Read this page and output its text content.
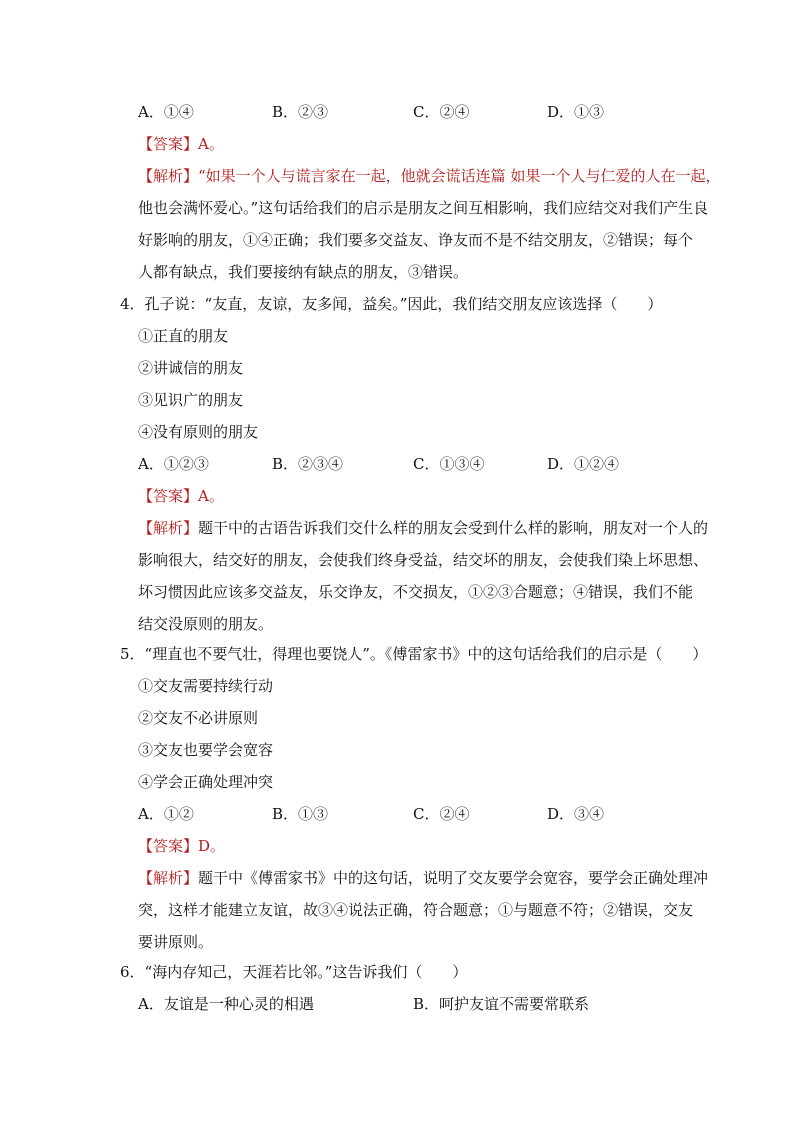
A．①④	B．②③	C．②④	D．①③
【答案】A。
【解析】“如果一个人与谎言家在一起，他就会谎话连篇 如果一个人与仁爱的人在一起，
他也会满怀爱心。”这句话给我们的启示是朋友之间互相影响，我们应结交对我们产生良
好影响的朋友，①④正确；我们要多交益友、诤友而不是不结交朋友，②错误；每个
人都有缺点，我们要接纳有缺点的朋友，③错误。
4．孔子说：“友直，友谅，友多闻，益矣。”因此，我们结交朋友应该选择（　　）
①正直的朋友
②讲诚信的朋友
③见识广的朋友
④没有原则的朋友
A．①②③	B．②③④	C．①③④	D．①②④
【答案】A。
【解析】题干中的古语告诉我们交什么样的朋友会受到什么样的影响，朋友对一个人的
影响很大，结交好的朋友，会使我们终身受益，结交坏的朋友，会使我们染上坏思想、
坏习惯因此应该多交益友，乐交诤友，不交损友，①②③合题意；④错误，我们不能
结交没原则的朋友。
5．“理直也不要气壮，得理也要饶人”。《傅雷家书》中的这句话给我们的启示是（　　）
①交友需要持续行动
②交友不必讲原则
③交友也要学会宽容
④学会正确处理冲突
A．①②	B．①③	C．②④	D．③④
【答案】D。
【解析】题干中《傅雷家书》中的这句话，说明了交友要学会宽容，要学会正确处理冲
突，这样才能建立友谊，故③④说法正确，符合题意；①与题意不符；②错误，交友
要讲原则。
6．“海内存知己，天涯若比邻。”这告诉我们（　　）
A．友谊是一种心灵的相遇	B．呵护友谊不需要常联系
